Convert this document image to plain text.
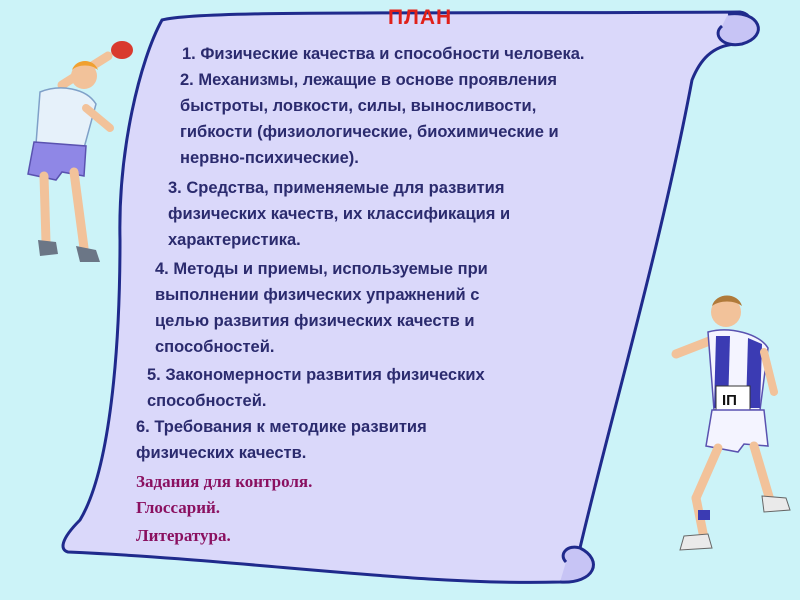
ІП
ПЛАН
1. Физические качества и способности человека.
2. Механизмы, лежащие в основе проявления
быстроты, ловкости, силы, выносливости,
гибкости (физиологические, биохимические и
нервно-психические).
3. Средства, применяемые для развития
физических качеств, их классификация и
характеристика.
4. Методы и приемы, используемые при
выполнении физических упражнений с
целью развития физических качеств и
способностей.
5. Закономерности развития физических
способностей.
6. Требования к методике развития
физических качеств.
Задания для контроля.
Глоссарий.
Литература.
